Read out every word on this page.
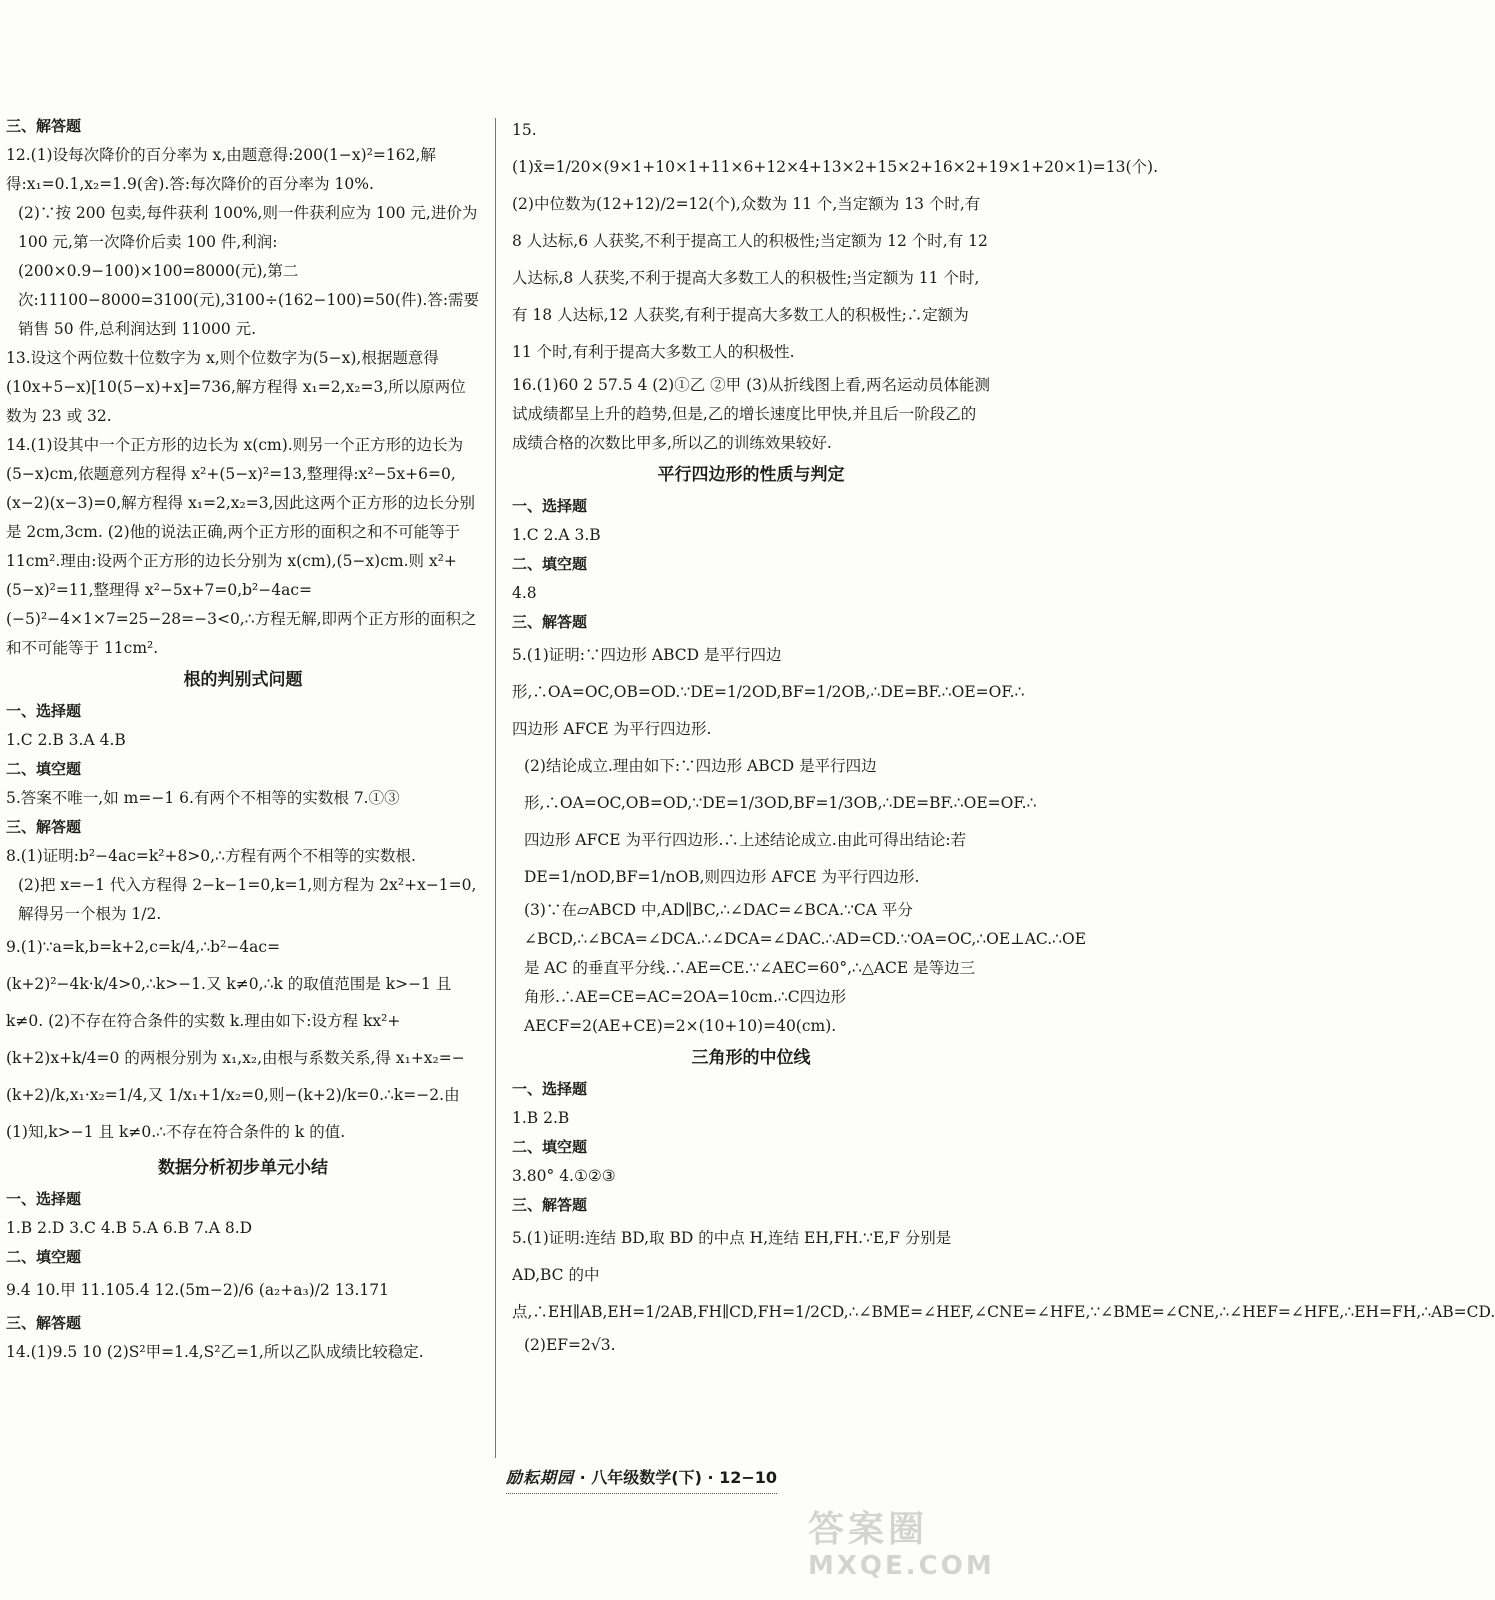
三、解答题

12.(1)设每次降价的百分率为 x,由题意得:200(1−x)²=162,解得:x₁=0.1,x₂=1.9(舍).答:每次降价的百分率为 10%.

(2)∵按 200 包卖,每件获利 100%,则一件获利应为 100 元,进价为 100 元,第一次降价后卖 100 件,利润:(200×0.9−100)×100=8000(元),第二次:11100−8000=3100(元),3100÷(162−100)=50(件).答:需要销售 50 件,总利润达到 11000 元.

13.设这个两位数十位数字为 x,则个位数字为(5−x),根据题意得(10x+5−x)[10(5−x)+x]=736,解方程得 x₁=2,x₂=3,所以原两位数为 23 或 32.

14.(1)设其中一个正方形的边长为 x(cm).则另一个正方形的边长为(5−x)cm,依题意列方程得 x²+(5−x)²=13,整理得:x²−5x+6=0,(x−2)(x−3)=0,解方程得 x₁=2,x₂=3,因此这两个正方形的边长分别是 2cm,3cm. (2)他的说法正确,两个正方形的面积之和不可能等于 11cm².理由:设两个正方形的边长分别为 x(cm),(5−x)cm.则 x²+(5−x)²=11,整理得 x²−5x+7=0,b²−4ac=(−5)²−4×1×7=25−28=−3<0,∴方程无解,即两个正方形的面积之和不可能等于 11cm².

根的判别式问题

一、选择题

1.C 2.B 3.A 4.B

二、填空题

5.答案不唯一,如 m=−1 6.有两个不相等的实数根 7.①③

三、解答题

8.(1)证明:b²−4ac=k²+8>0,∴方程有两个不相等的实数根.

(2)把 x=−1 代入方程得 2−k−1=0,k=1,则方程为 2x²+x−1=0,解得另一个根为 1/2.

9.(1)∵a=k,b=k+2,c=k/4,∴b²−4ac=(k+2)²−4k·k/4>0,∴k>−1.又 k≠0,∴k 的取值范围是 k>−1 且 k≠0. (2)不存在符合条件的实数 k.理由如下:设方程 kx²+(k+2)x+k/4=0 的两根分别为 x₁,x₂,由根与系数关系,得 x₁+x₂=−(k+2)/k,x₁·x₂=1/4,又 1/x₁+1/x₂=0,则−(k+2)/k=0.∴k=−2.由(1)知,k>−1 且 k≠0.∴不存在符合条件的 k 的值.

数据分析初步单元小结

一、选择题

1.B 2.D 3.C 4.B 5.A 6.B 7.A 8.D

二、填空题

9.4 10.甲 11.105.4 12.(5m−2)/6 (a₂+a₃)/2 13.171

三、解答题

14.(1)9.5 10 (2)S²甲=1.4,S²乙=1,所以乙队成绩比较稳定.

15.(1)x̄=1/20×(9×1+10×1+11×6+12×4+13×2+15×2+16×2+19×1+20×1)=13(个). (2)中位数为(12+12)/2=12(个),众数为 11 个,当定额为 13 个时,有 8 人达标,6 人获奖,不利于提高工人的积极性;当定额为 12 个时,有 12 人达标,8 人获奖,不利于提高大多数工人的积极性;当定额为 11 个时,有 18 人达标,12 人获奖,有利于提高大多数工人的积极性;∴定额为 11 个时,有利于提高大多数工人的积极性.

16.(1)60 2 57.5 4 (2)①乙 ②甲 (3)从折线图上看,两名运动员体能测试成绩都呈上升的趋势,但是,乙的增长速度比甲快,并且后一阶段乙的成绩合格的次数比甲多,所以乙的训练效果较好.

平行四边形的性质与判定

一、选择题

1.C 2.A 3.B

二、填空题

4.8

三、解答题

5.(1)证明:∵四边形 ABCD 是平行四边形,∴OA=OC,OB=OD.∵DE=1/2OD,BF=1/2OB,∴DE=BF.∴OE=OF.∴四边形 AFCE 为平行四边形.

(2)结论成立.理由如下:∵四边形 ABCD 是平行四边形,∴OA=OC,OB=OD,∵DE=1/3OD,BF=1/3OB,∴DE=BF.∴OE=OF.∴四边形 AFCE 为平行四边形.∴上述结论成立.由此可得出结论:若 DE=1/nOD,BF=1/nOB,则四边形 AFCE 为平行四边形.

(3)∵在▱ABCD 中,AD∥BC,∴∠DAC=∠BCA.∵CA 平分∠BCD,∴∠BCA=∠DCA.∴∠DCA=∠DAC.∴AD=CD.∵OA=OC,∴OE⊥AC.∴OE 是 AC 的垂直平分线.∴AE=CE.∵∠AEC=60°,∴△ACE 是等边三角形.∴AE=CE=AC=2OA=10cm.∴C四边形AECF=2(AE+CE)=2×(10+10)=40(cm).

三角形的中位线

一、选择题

1.B 2.B

二、填空题

3.80° 4.①②③

三、解答题

5.(1)证明:连结 BD,取 BD 的中点 H,连结 EH,FH.∵E,F 分别是 AD,BC 的中点,∴EH∥AB,EH=1/2AB,FH∥CD,FH=1/2CD,∴∠BME=∠HEF,∠CNE=∠HFE,∵∠BME=∠CNE,∴∠HEF=∠HFE,∴EH=FH,∴AB=CD.

(2)EF=2√3.

励耘期园 · 八年级数学(下) · 12−10
答案圈
MXQE.COM
